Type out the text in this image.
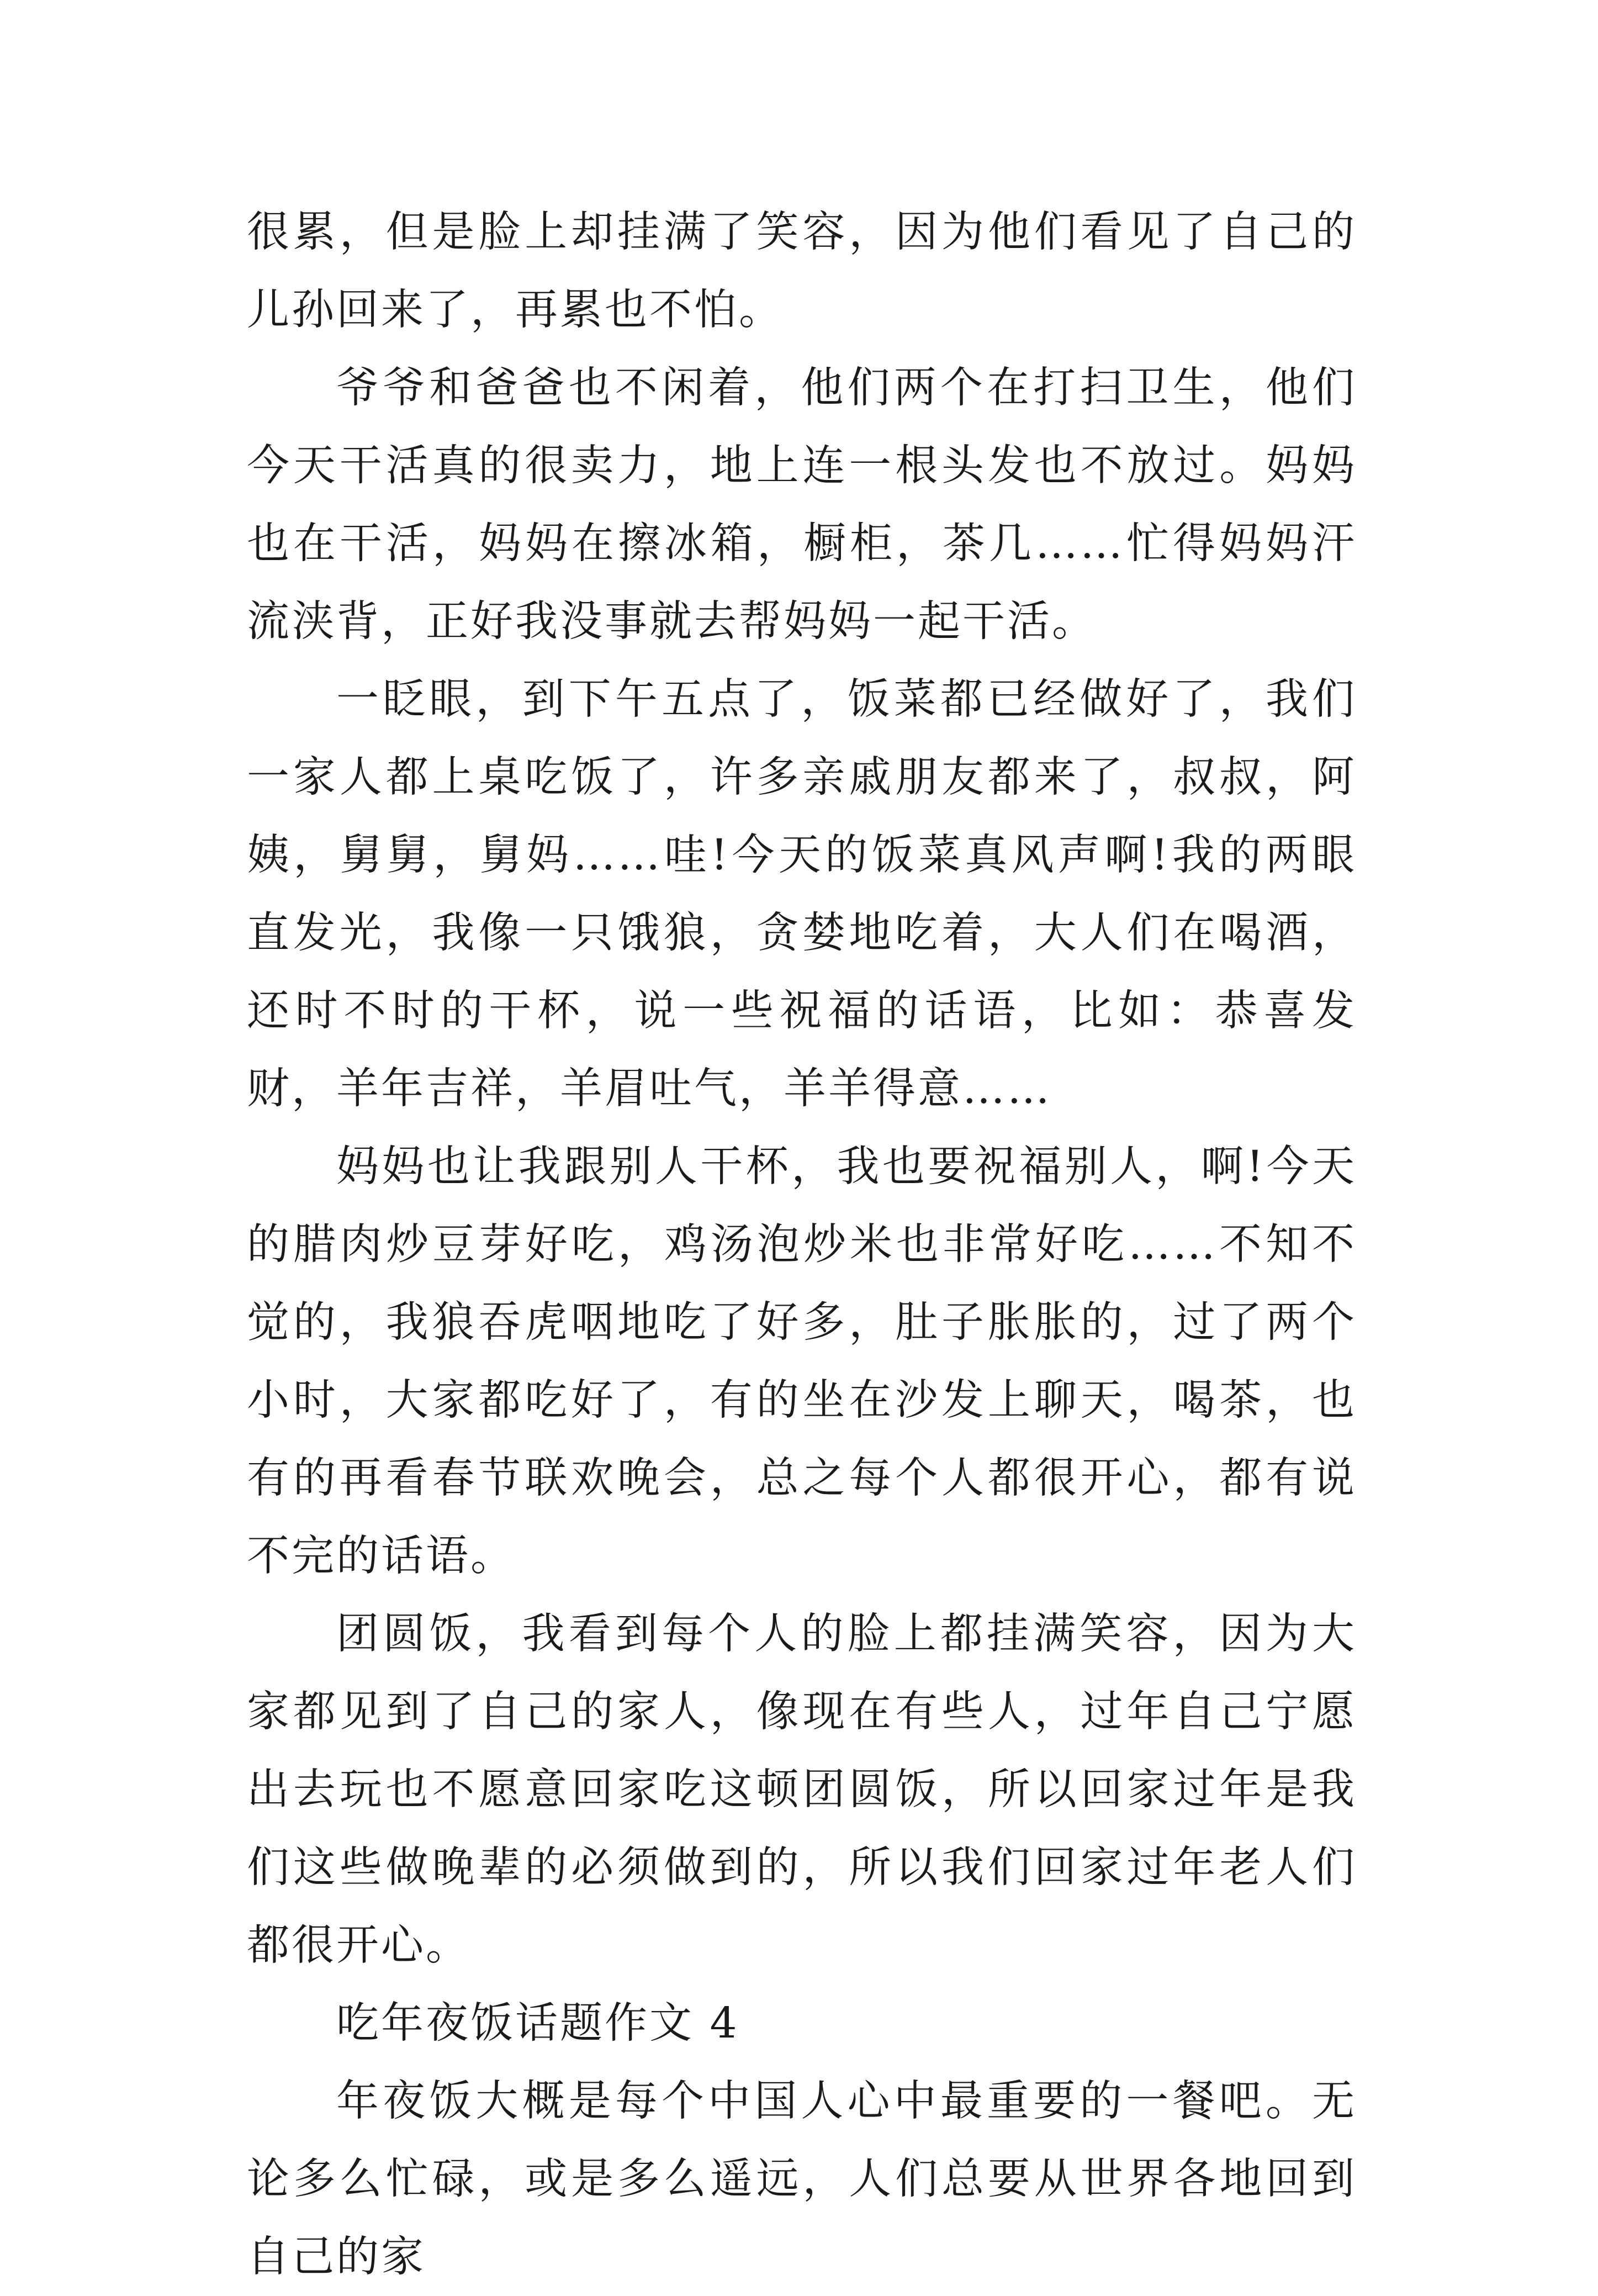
很累，但是脸上却挂满了笑容，因为他们看见了自己的儿孙回来了，再累也不怕。

爷爷和爸爸也不闲着，他们两个在打扫卫生，他们今天干活真的很卖力，地上连一根头发也不放过。妈妈也在干活，妈妈在擦冰箱，橱柜，茶几……忙得妈妈汗流浃背，正好我没事就去帮妈妈一起干活。

一眨眼，到下午五点了，饭菜都已经做好了，我们一家人都上桌吃饭了，许多亲戚朋友都来了，叔叔，阿姨，舅舅，舅妈……哇!今天的饭菜真风声啊!我的两眼直发光，我像一只饿狼，贪婪地吃着，大人们在喝酒，还时不时的干杯，说一些祝福的话语，比如：恭喜发财，羊年吉祥，羊眉吐气，羊羊得意……

妈妈也让我跟别人干杯，我也要祝福别人，啊!今天的腊肉炒豆芽好吃，鸡汤泡炒米也非常好吃……不知不觉的，我狼吞虎咽地吃了好多，肚子胀胀的，过了两个小时，大家都吃好了，有的坐在沙发上聊天，喝茶，也有的再看春节联欢晚会，总之每个人都很开心，都有说不完的话语。

团圆饭，我看到每个人的脸上都挂满笑容，因为大家都见到了自己的家人，像现在有些人，过年自己宁愿出去玩也不愿意回家吃这顿团圆饭，所以回家过年是我们这些做晚辈的必须做到的，所以我们回家过年老人们都很开心。

吃年夜饭话题作文 4

年夜饭大概是每个中国人心中最重要的一餐吧。无论多么忙碌，或是多么遥远，人们总要从世界各地回到自己的家
